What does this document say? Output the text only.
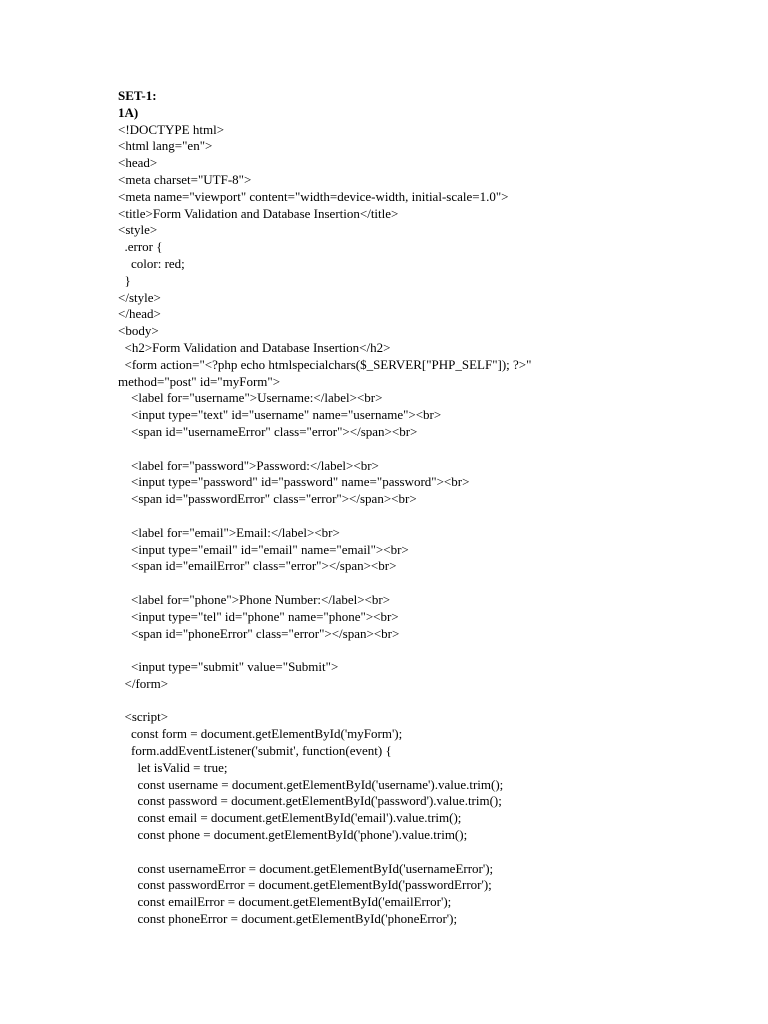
SET-1:
1A)
<!DOCTYPE html>
<html lang="en">
<head>
<meta charset="UTF-8">
<meta name="viewport" content="width=device-width, initial-scale=1.0">
<title>Form Validation and Database Insertion</title>
<style>
.error {
color: red;
}
</style>
</head>
<body>
<h2>Form Validation and Database Insertion</h2>
<form action="<?php echo htmlspecialchars($_SERVER["PHP_SELF"]); ?>"
method="post" id="myForm">
<label for="username">Username:</label><br>
<input type="text" id="username" name="username"><br>
<span id="usernameError" class="error"></span><br>
<label for="password">Password:</label><br>
<input type="password" id="password" name="password"><br>
<span id="passwordError" class="error"></span><br>
<label for="email">Email:</label><br>
<input type="email" id="email" name="email"><br>
<span id="emailError" class="error"></span><br>
<label for="phone">Phone Number:</label><br>
<input type="tel" id="phone" name="phone"><br>
<span id="phoneError" class="error"></span><br>
<input type="submit" value="Submit">
</form>
<script>
const form = document.getElementById('myForm');
form.addEventListener('submit', function(event) {
let isValid = true;
const username = document.getElementById('username').value.trim();
const password = document.getElementById('password').value.trim();
const email = document.getElementById('email').value.trim();
const phone = document.getElementById('phone').value.trim();
const usernameError = document.getElementById('usernameError');
const passwordError = document.getElementById('passwordError');
const emailError = document.getElementById('emailError');
const phoneError = document.getElementById('phoneError');
